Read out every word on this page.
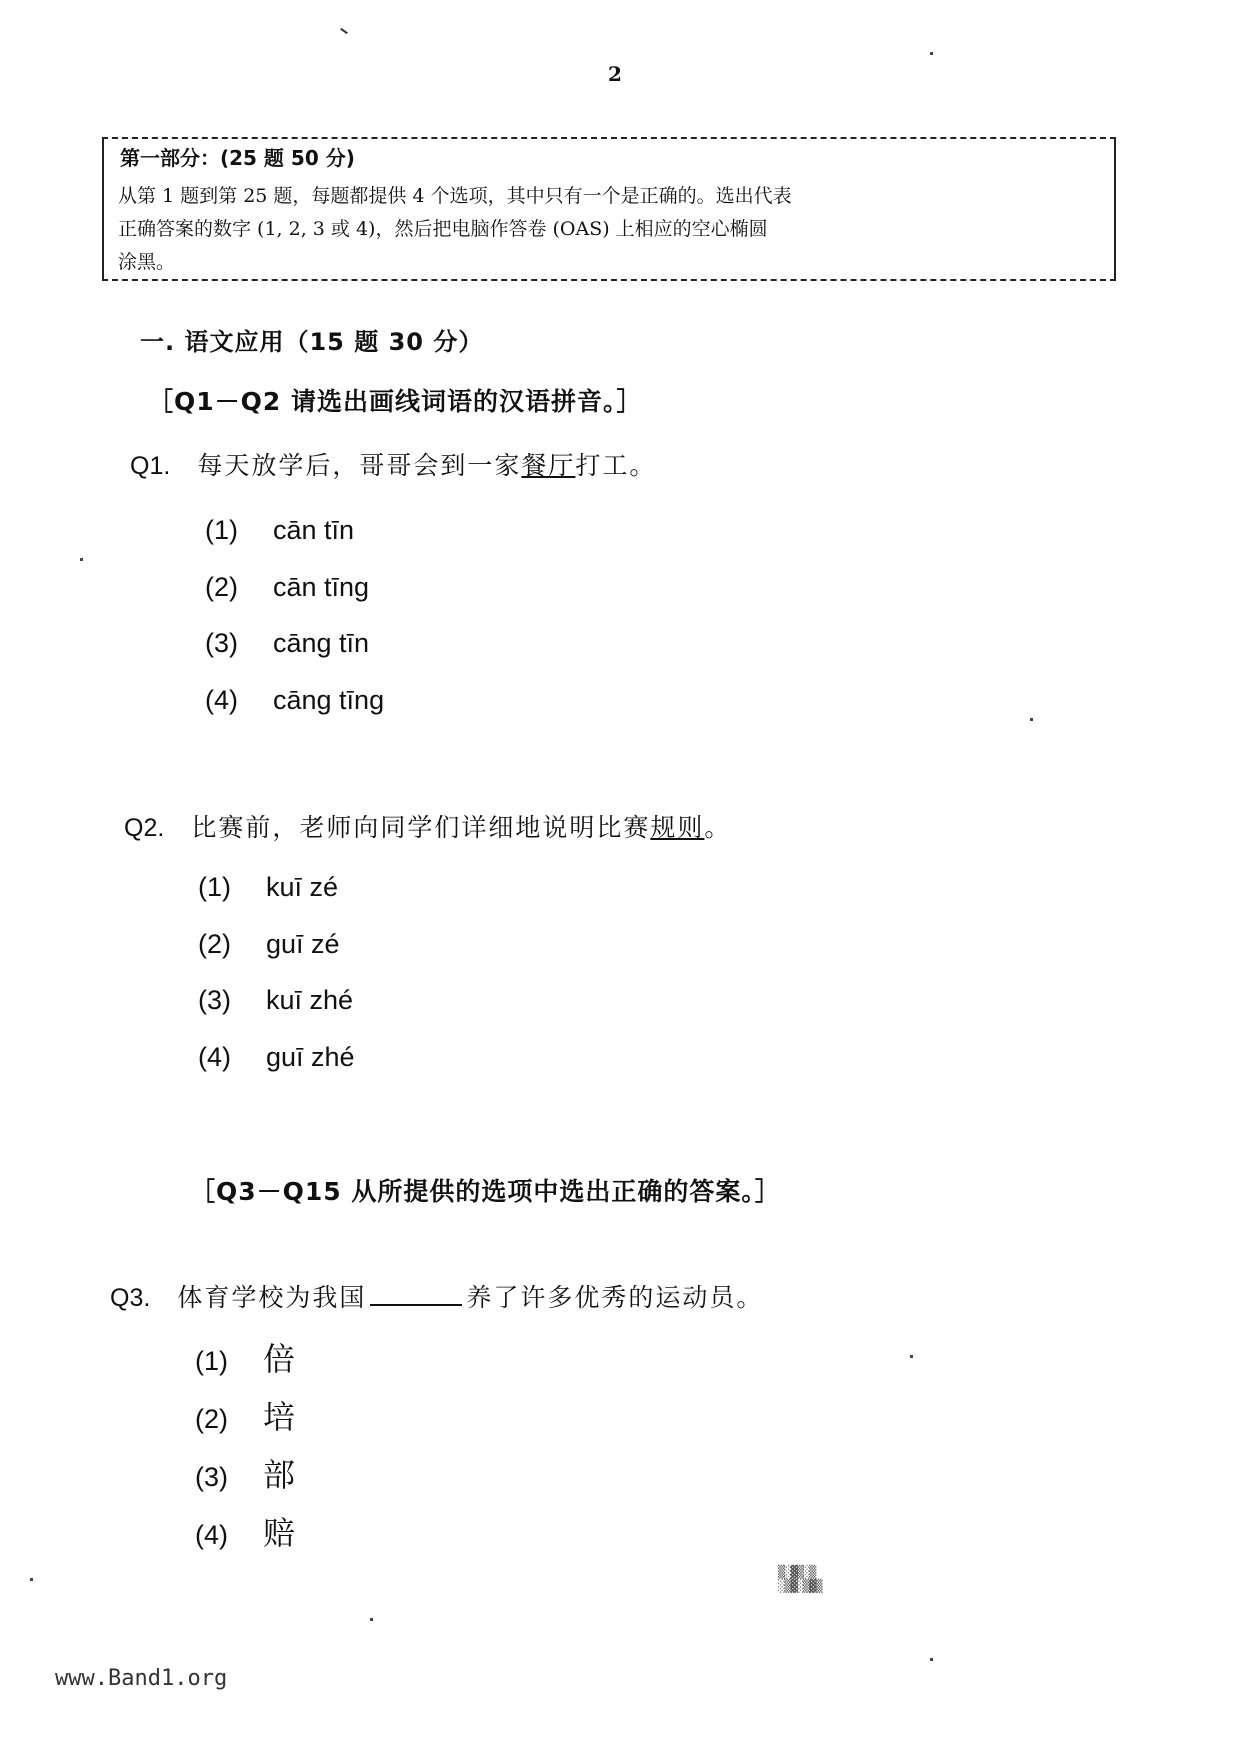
2
第一部分：(25 题 50 分)
从第 1 题到第 25 题，每题都提供 4 个选项，其中只有一个是正确的。选出代表
正确答案的数字 (1, 2, 3 或 4)，然后把电脑作答卷 (OAS) 上相应的空心椭圆
涂黑。
一. 语文应用（15 题 30 分）
［Q1－Q2 请选出画线词语的汉语拼音。］
Q1. 每天放学后，哥哥会到一家餐厅打工。
(1) cān tīn
(2) cān tīng
(3) cāng tīn
(4) cāng tīng
Q2. 比赛前，老师向同学们详细地说明比赛规则。
(1) kuī zé
(2) guī zé
(3) kuī zhé
(4) guī zhé
［Q3－Q15 从所提供的选项中选出正确的答案。］
Q3. 体育学校为我国	养了许多优秀的运动员。
(1) 倍
(2) 培
(3) 部
(4) 赔
▒░▓▒░▒
░▒▓░▒▓▒
www.Band1.org
